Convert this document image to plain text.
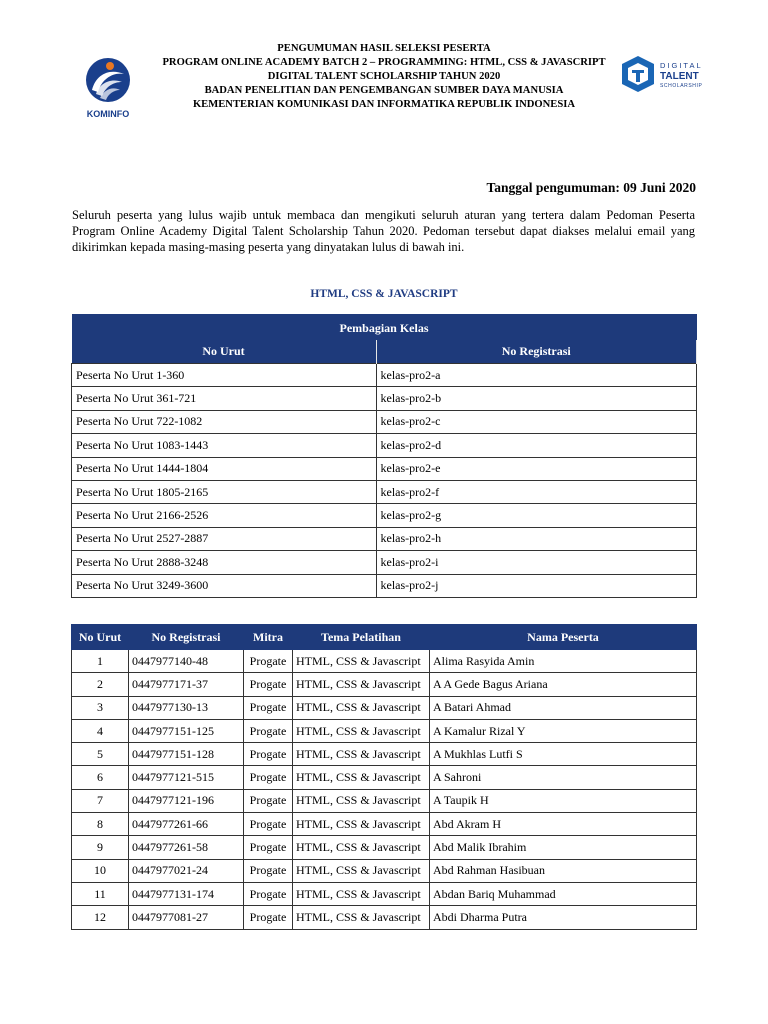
KOMINFO
PENGUMUMAN HASIL SELEKSI PESERTA
PROGRAM ONLINE ACADEMY BATCH 2 – PROGRAMMING: HTML, CSS & JAVASCRIPT
DIGITAL TALENT SCHOLARSHIP TAHUN 2020
BADAN PENELITIAN DAN PENGEMBANGAN SUMBER DAYA MANUSIA
KEMENTERIAN KOMUNIKASI DAN INFORMATIKA REPUBLIK INDONESIA
DIGITAL
TALENT
SCHOLARSHIP
Tanggal pengumuman: 09 Juni 2020
Seluruh peserta yang lulus wajib untuk membaca dan mengikuti seluruh aturan yang tertera dalam Pedoman Peserta Program Online Academy Digital Talent Scholarship Tahun 2020. Pedoman tersebut dapat diakses melalui email yang dikirimkan kepada masing-masing peserta yang dinyatakan lulus di bawah ini.
HTML, CSS & JAVASCRIPT
Pembagian Kelas	
No Urut	No Registrasi
Peserta No Urut 1-360	kelas-pro2-a
Peserta No Urut 361-721	kelas-pro2-b
Peserta No Urut 722-1082	kelas-pro2-c
Peserta No Urut 1083-1443	kelas-pro2-d
Peserta No Urut 1444-1804	kelas-pro2-e
Peserta No Urut 1805-2165	kelas-pro2-f
Peserta No Urut 2166-2526	kelas-pro2-g
Peserta No Urut 2527-2887	kelas-pro2-h
Peserta No Urut 2888-3248	kelas-pro2-i
Peserta No Urut 3249-3600	kelas-pro2-j
No Urut	No Registrasi	Mitra	Tema Pelatihan	Nama Peserta
1	0447977140-48	Progate	HTML, CSS & Javascript	Alima Rasyida Amin
2	0447977171-37	Progate	HTML, CSS & Javascript	A A Gede Bagus Ariana
3	0447977130-13	Progate	HTML, CSS & Javascript	A Batari Ahmad
4	0447977151-125	Progate	HTML, CSS & Javascript	A Kamalur Rizal Y
5	0447977151-128	Progate	HTML, CSS & Javascript	A Mukhlas Lutfi S
6	0447977121-515	Progate	HTML, CSS & Javascript	A Sahroni
7	0447977121-196	Progate	HTML, CSS & Javascript	A Taupik H
8	0447977261-66	Progate	HTML, CSS & Javascript	Abd Akram H
9	0447977261-58	Progate	HTML, CSS & Javascript	Abd Malik Ibrahim
10	0447977021-24	Progate	HTML, CSS & Javascript	Abd Rahman Hasibuan
11	0447977131-174	Progate	HTML, CSS & Javascript	Abdan Bariq Muhammad
12	0447977081-27	Progate	HTML, CSS & Javascript	Abdi Dharma Putra
